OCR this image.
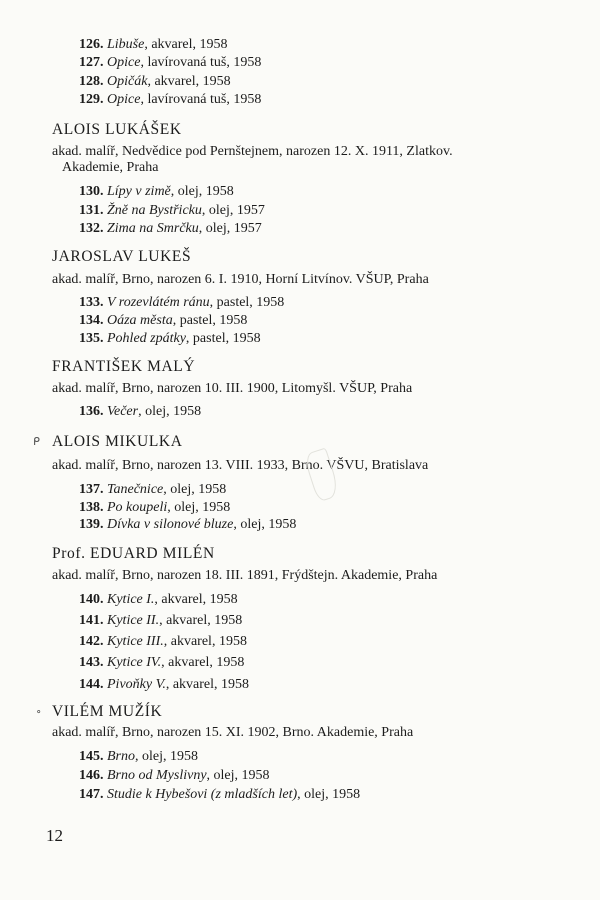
126. Libuše, akvarel, 1958
127. Opice, lavírovaná tuš, 1958
128. Opičák, akvarel, 1958
129. Opice, lavírovaná tuš, 1958
ALOIS LUKÁŠEK
akad. malíř, Nedvědice pod Pernštejnem, narozen 12. X. 1911, Zlatkov.
Akademie, Praha
130. Lípy v zimě, olej, 1958
131. Žně na Bystřicku, olej, 1957
132. Zima na Smrčku, olej, 1957
JAROSLAV LUKEŠ
akad. malíř, Brno, narozen 6. I. 1910, Horní Litvínov. VŠUP, Praha
133. V rozevlátém ránu, pastel, 1958
134. Oáza města, pastel, 1958
135. Pohled zpátky, pastel, 1958
FRANTIŠEK MALÝ
akad. malíř, Brno, narozen 10. III. 1900, Litomyšl. VŠUP, Praha
136. Večer, olej, 1958
ᑭ ALOIS MIKULKA
akad. malíř, Brno, narozen 13. VIII. 1933, Brno. VŠVU, Bratislava
137. Tanečnice, olej, 1958
138. Po koupeli, olej, 1958
139. Dívka v silonové bluze, olej, 1958
Prof. EDUARD MILÉN
akad. malíř, Brno, narozen 18. III. 1891, Frýdštejn. Akademie, Praha
140. Kytice I., akvarel, 1958
141. Kytice II., akvarel, 1958
142. Kytice III., akvarel, 1958
143. Kytice IV., akvarel, 1958
144. Pivoňky V., akvarel, 1958
∘ VILÉM MUŽÍK
akad. malíř, Brno, narozen 15. XI. 1902, Brno. Akademie, Praha
145. Brno, olej, 1958
146. Brno od Myslivny, olej, 1958
147. Studie k Hybešovi (z mladších let), olej, 1958
12
